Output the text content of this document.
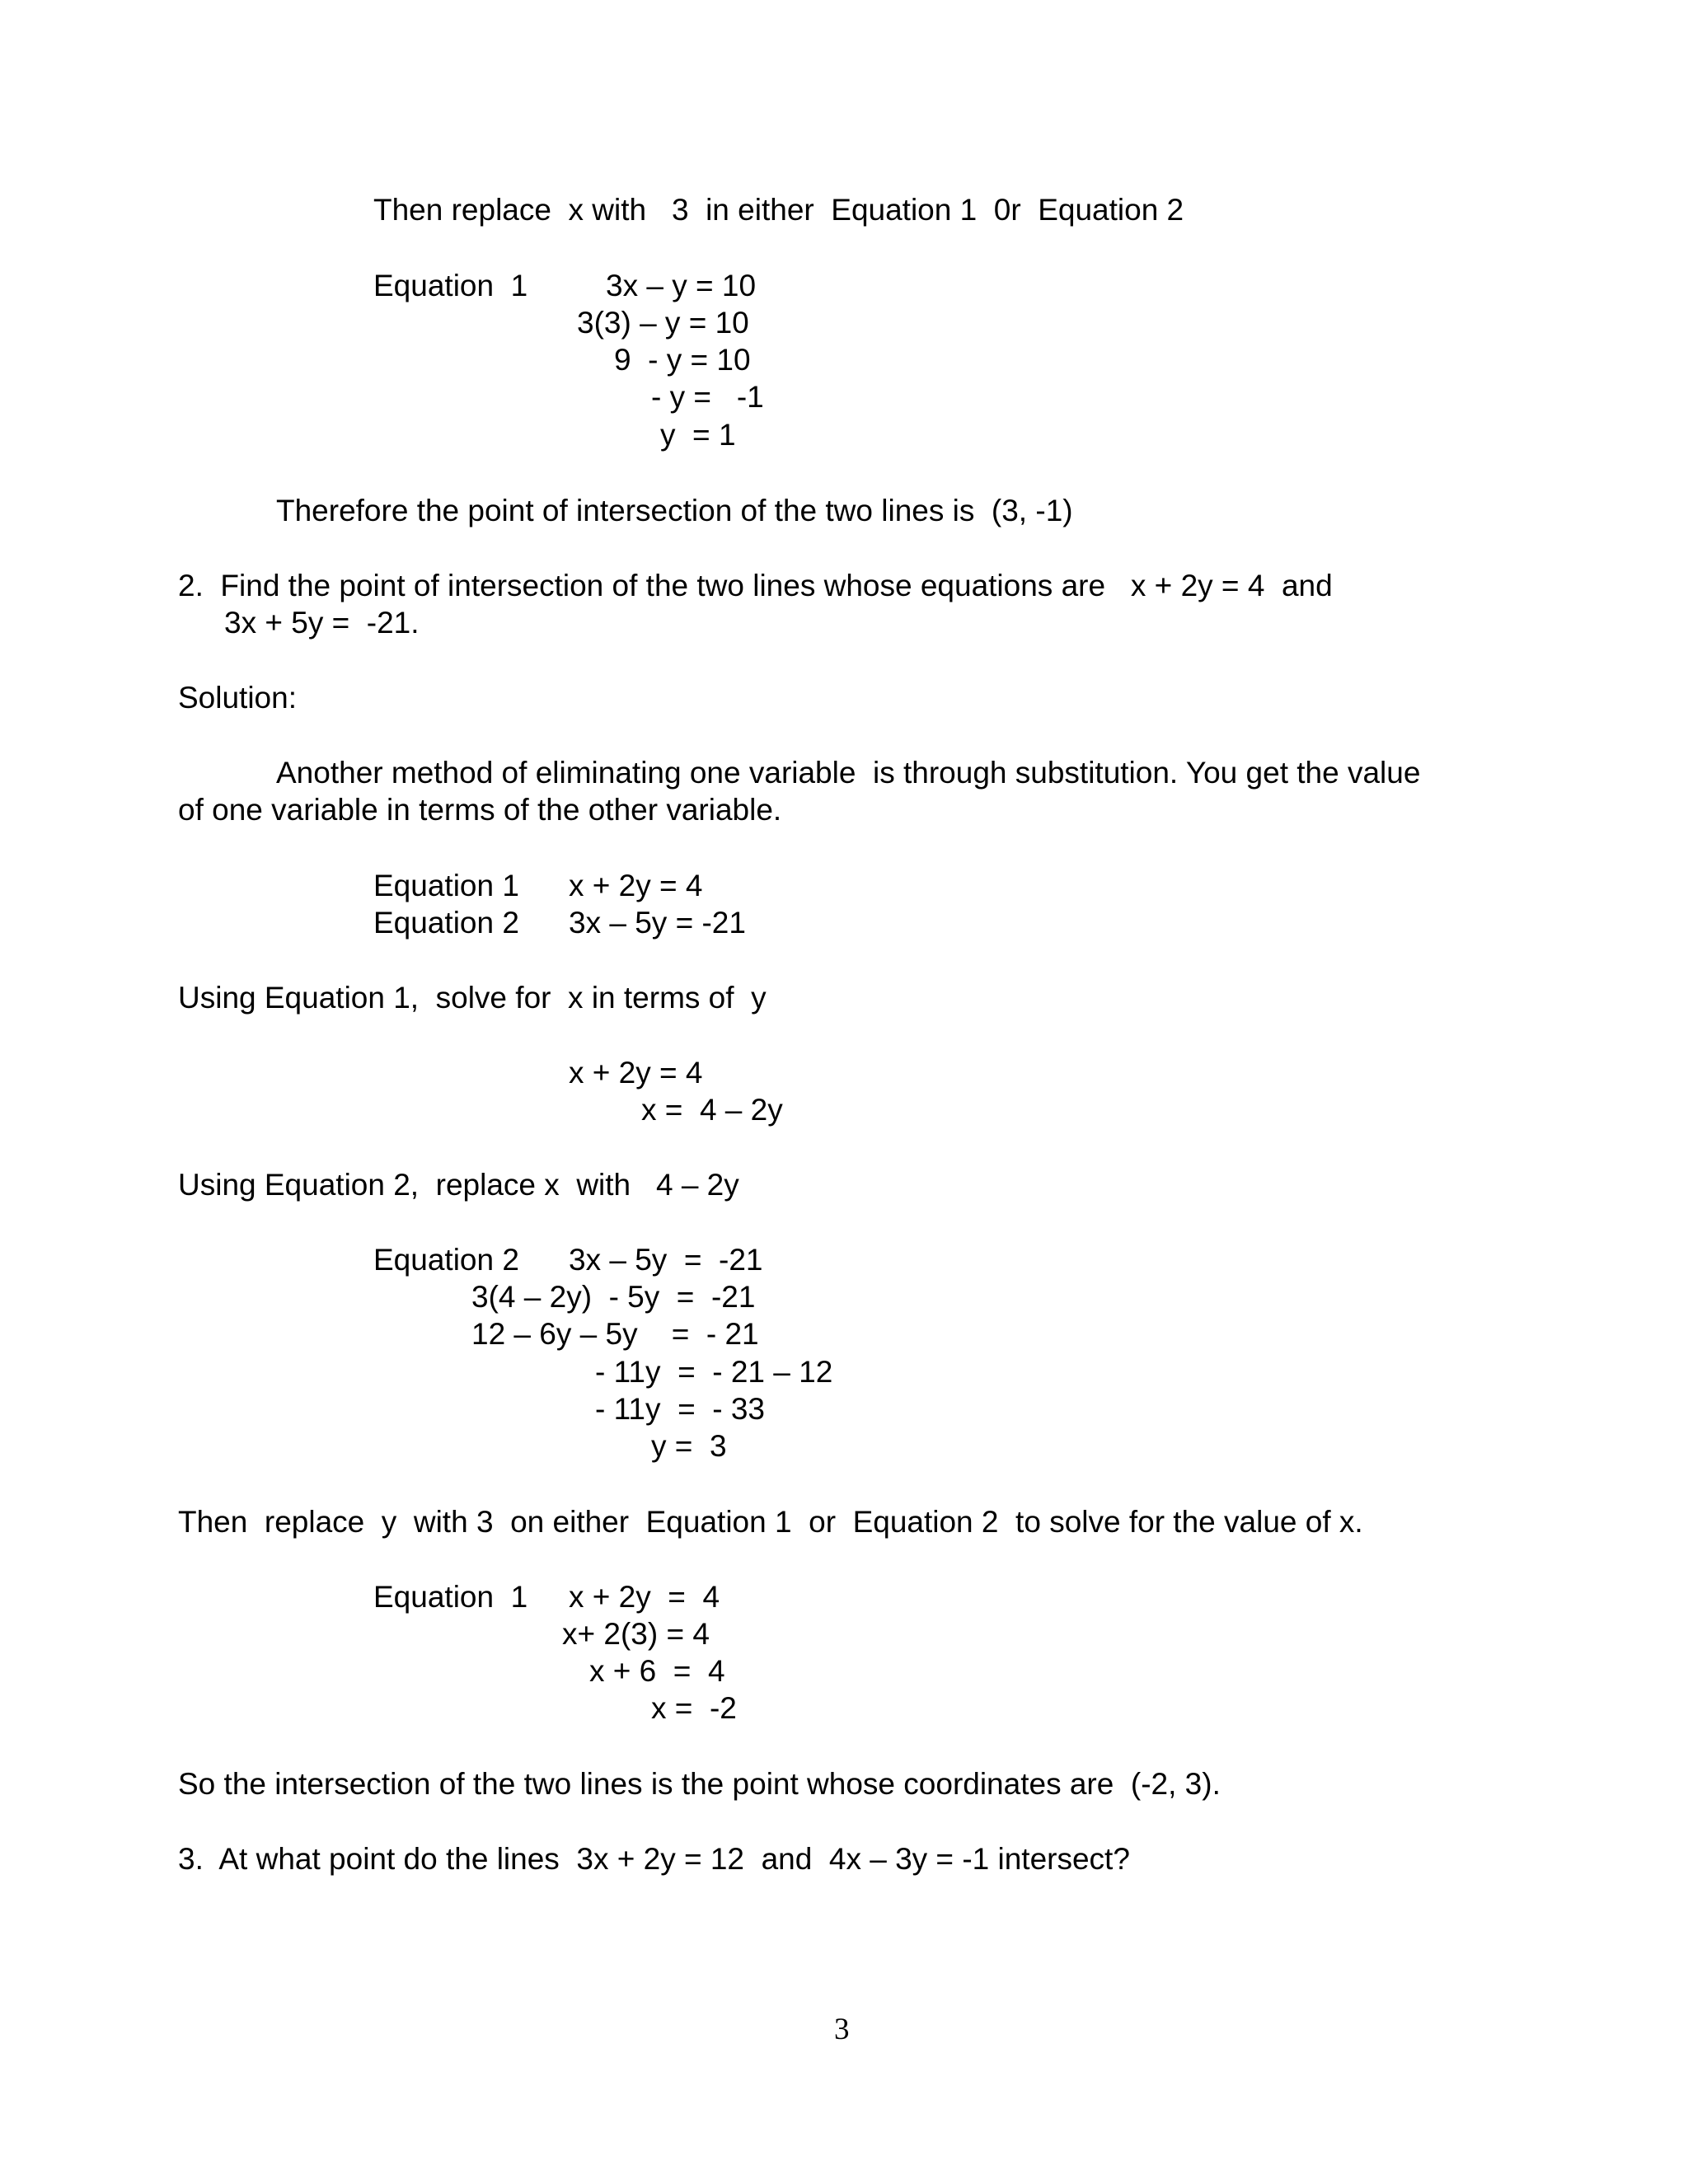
Then replace  x with   3  in either  Equation 1  0r  Equation 2
Equation  1	3x – y = 10
3(3) – y = 10
9  - y = 10
- y =   -1
y  = 1
Therefore the point of intersection of the two lines is  (3, -1)
2.  Find the point of intersection of the two lines whose equations are   x + 2y = 4  and
3x + 5y =  -21.
Solution:
Another method of eliminating one variable  is through substitution. You get the value
of one variable in terms of the other variable.
Equation 1 x + 2y = 4
Equation 2 3x – 5y = -21
Using Equation 1,  solve for  x in terms of  y
x + 2y = 4
x =  4 – 2y
Using Equation 2,  replace x  with   4 – 2y
Equation 2 3x – 5y  =  -21
3(4 – 2y)  - 5y  =  -21
12 – 6y – 5y    =  - 21
- 11y  =  - 21 – 12
- 11y  =  - 33
y =  3
Then  replace  y  with 3  on either  Equation 1  or  Equation 2  to solve for the value of x.
Equation  1 x + 2y  =  4
x+ 2(3) = 4
x + 6  =  4
x =  -2
So the intersection of the two lines is the point whose coordinates are  (-2, 3).
3.  At what point do the lines  3x + 2y = 12  and  4x – 3y = -1 intersect?
3
